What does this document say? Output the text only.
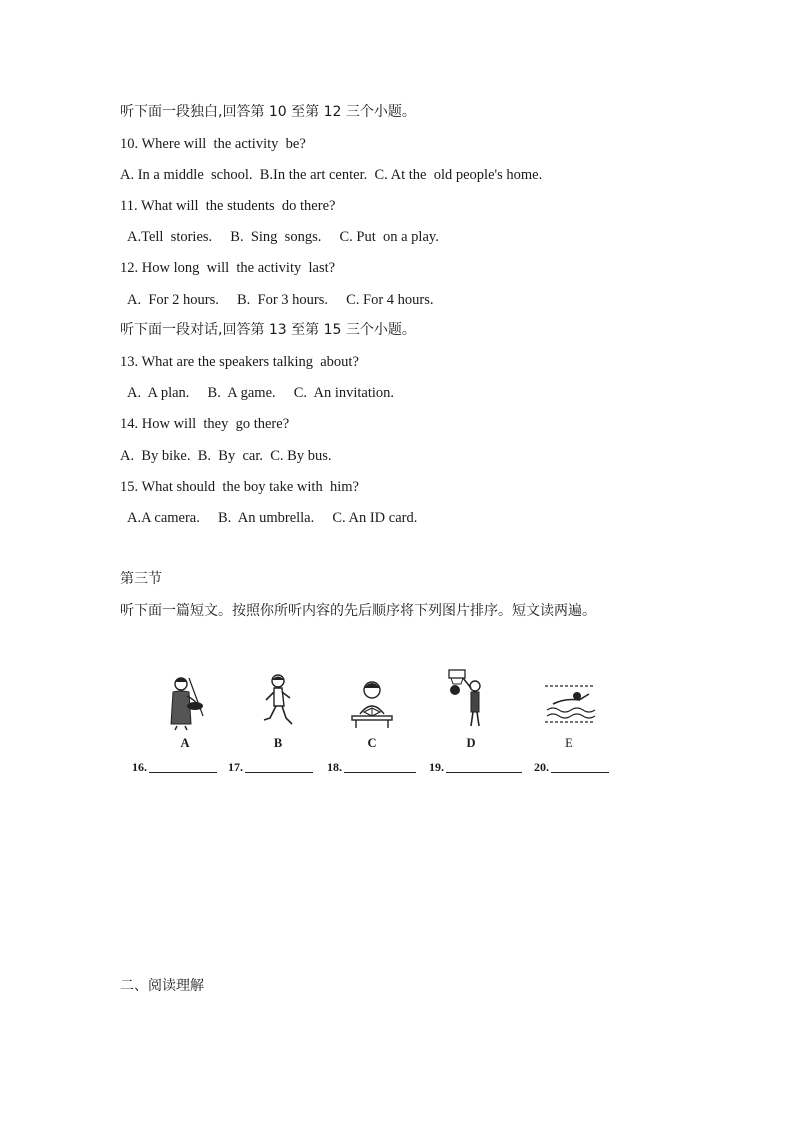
听下面一段独白,回答第 10 至第 12 三个小题。
10. Where will  the activity  be?
A. In a middle  school.  B.In the art center.  C. At the  old people's home.
11. What will  the students  do there?
A.Tell  stories.     B.  Sing  songs.     C. Put  on a play.
12. How long  will  the activity  last?
A.  For 2 hours.     B.  For 3 hours.     C. For 4 hours.
听下面一段对话,回答第 13 至第 15 三个小题。
13. What are the speakers talking  about?
A.  A plan.     B.  A game.     C.  An invitation.
14. How will  they  go there?
A.  By bike.  B.  By  car.  C. By bus.
15. What should  the boy take with  him?
A.A camera.     B.  An umbrella.     C. An ID card.
第三节
听下面一篇短文。按照你所听内容的先后顺序将下列图片排序。短文读两遍。
A	B	C	D	E
16.	17.	18.	19.	20.
二、阅读理解
